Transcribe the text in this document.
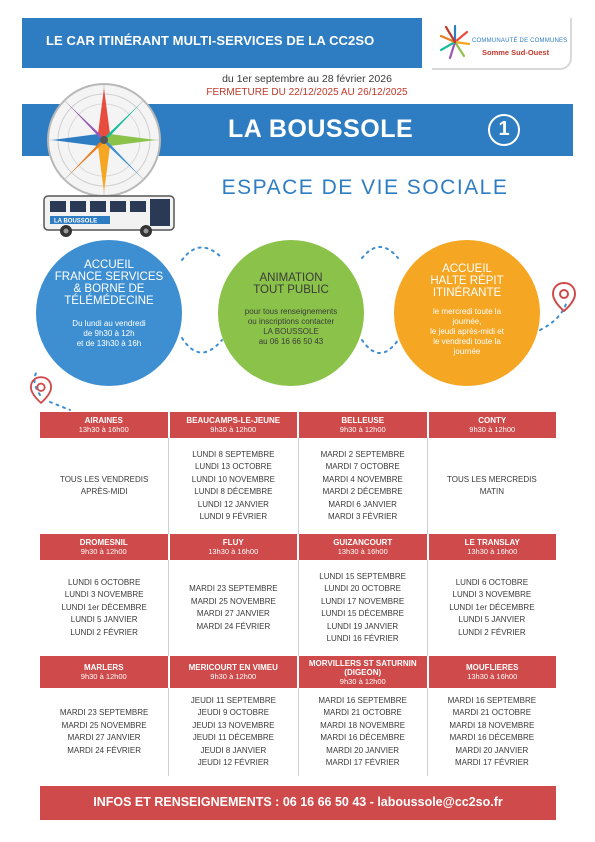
LE CAR ITINÉRANT MULTI-SERVICES DE LA CC2SO	COMMUNAUTÉ DE COMMUNES
Somme Sud-Ouest
du 1er septembre au 28 février 2026
FERMETURE DU 22/12/2025 AU 26/12/2025
LA BOUSSOLE	1
LA BOUSSOLE
ESPACE DE VIE SOCIALE
ACCUEIL
FRANCE SERVICES
& BORNE DE
TÉLÉMÉDECINE
Du lundi au vendredi
de 9h30 à 12h
et de 13h30 à 16h
ANIMATION
TOUT PUBLIC
pour tous renseignements
ou inscriptions contacter
LA BOUSSOLE
au 06 16 66 50 43
ACCUEIL
HALTE RÉPIT
ITINÉRANTE
le mercredi toute la
journée,
le jeudi après-midi et
le vendredi toute la
journée
AIRAINES
13h30 à 16h00
BEAUCAMPS-LE-JEUNE
9h30 à 12h00
BELLEUSE
9h30 à 12h00
CONTY
9h30 à 12h00
TOUS LES VENDREDIS
APRÈS-MIDI
LUNDI 8 SEPTEMBRE
LUNDI 13 OCTOBRE
LUNDI 10 NOVEMBRE
LUNDI 8 DÉCEMBRE
LUNDI 12 JANVIER
LUNDI 9 FÉVRIER
MARDI 2 SEPTEMBRE
MARDI 7 OCTOBRE
MARDI 4 NOVEMBRE
MARDI 2 DÉCEMBRE
MARDI 6 JANVIER
MARDI 3 FÉVRIER
TOUS LES MERCREDIS
MATIN
DROMESNIL
9h30 à 12h00
FLUY
13h30 à 16h00
GUIZANCOURT
13h30 à 16h00
LE TRANSLAY
13h30 à 16h00
LUNDI 6 OCTOBRE
LUNDI 3 NOVEMBRE
LUNDI 1er DÉCEMBRE
LUNDI 5 JANVIER
LUNDI 2 FÉVRIER
MARDI 23 SEPTEMBRE
MARDI 25 NOVEMBRE
MARDI 27 JANVIER
MARDI 24 FÉVRIER
LUNDI 15 SEPTEMBRE
LUNDI 20 OCTOBRE
LUNDI 17 NOVEMBRE
LUNDI 15 DÉCEMBRE
LUNDI 19 JANVIER
LUNDI 16 FÉVRIER
LUNDI 6 OCTOBRE
LUNDI 3 NOVEMBRE
LUNDI 1er DÉCEMBRE
LUNDI 5 JANVIER
LUNDI 2 FÉVRIER
MARLERS
9h30 à 12h00
MERICOURT EN VIMEU
9h30 à 12h00
MORVILLERS ST SATURNIN (DIGEON)
9h30 à 12h00
MOUFLIERES
13h30 à 16h00
MARDI 23 SEPTEMBRE
MARDI 25 NOVEMBRE
MARDI 27 JANVIER
MARDI 24 FÉVRIER
JEUDI 11 SEPTEMBRE
JEUDI 9 OCTOBRE
JEUDI 13 NOVEMBRE
JEUDI 11 DÉCEMBRE
JEUDI 8 JANVIER
JEUDI 12 FÉVRIER
MARDI 16 SEPTEMBRE
MARDI 21 OCTOBRE
MARDI 18 NOVEMBRE
MARDI 16 DÉCEMBRE
MARDI 20 JANVIER
MARDI 17 FÉVRIER
MARDI 16 SEPTEMBRE
MARDI 21 OCTOBRE
MARDI 18 NOVEMBRE
MARDI 16 DÉCEMBRE
MARDI 20 JANVIER
MARDI 17 FÉVRIER
INFOS ET RENSEIGNEMENTS : 06 16 66 50 43 - laboussole@cc2so.fr
